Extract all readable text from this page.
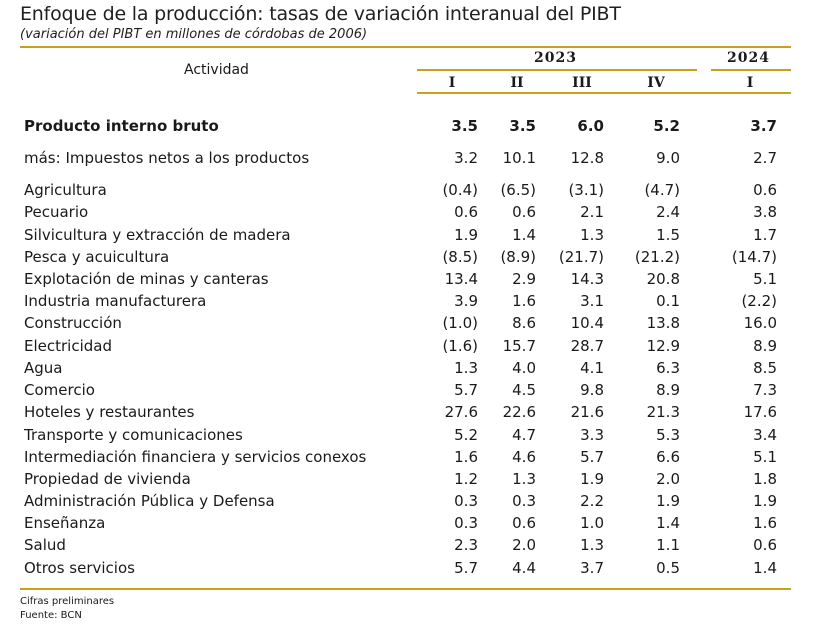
Enfoque de la producción: tasas de variación interanual del PIBT

(variación del PIBT en millones de córdobas de 2006)

Actividad
2023	2024
I	II	III	IV	I
Producto interno bruto	3.5	3.5	6.0	5.2	3.7
más: Impuestos netos a los productos	3.2	10.1	12.8	9.0	2.7
Agricultura	(0.4)	(6.5)	(3.1)	(4.7)	0.6
Pecuario	0.6	0.6	2.1	2.4	3.8
Silvicultura y extracción de madera	1.9	1.4	1.3	1.5	1.7
Pesca y acuicultura	(8.5)	(8.9)	(21.7)	(21.2)	(14.7)
Explotación de minas y canteras	13.4	2.9	14.3	20.8	5.1
Industria manufacturera	3.9	1.6	3.1	0.1	(2.2)
Construcción	(1.0)	8.6	10.4	13.8	16.0
Electricidad	(1.6)	15.7	28.7	12.9	8.9
Agua	1.3	4.0	4.1	6.3	8.5
Comercio	5.7	4.5	9.8	8.9	7.3
Hoteles y restaurantes	27.6	22.6	21.6	21.3	17.6
Transporte y comunicaciones	5.2	4.7	3.3	5.3	3.4
Intermediación financiera y servicios conexos	1.6	4.6	5.7	6.6	5.1
Propiedad de vivienda	1.2	1.3	1.9	2.0	1.8
Administración Pública y Defensa	0.3	0.3	2.2	1.9	1.9
Enseñanza	0.3	0.6	1.0	1.4	1.6
Salud	2.3	2.0	1.3	1.1	0.6
Otros servicios	5.7	4.4	3.7	0.5	1.4
Cifras preliminares
Fuente: BCN
